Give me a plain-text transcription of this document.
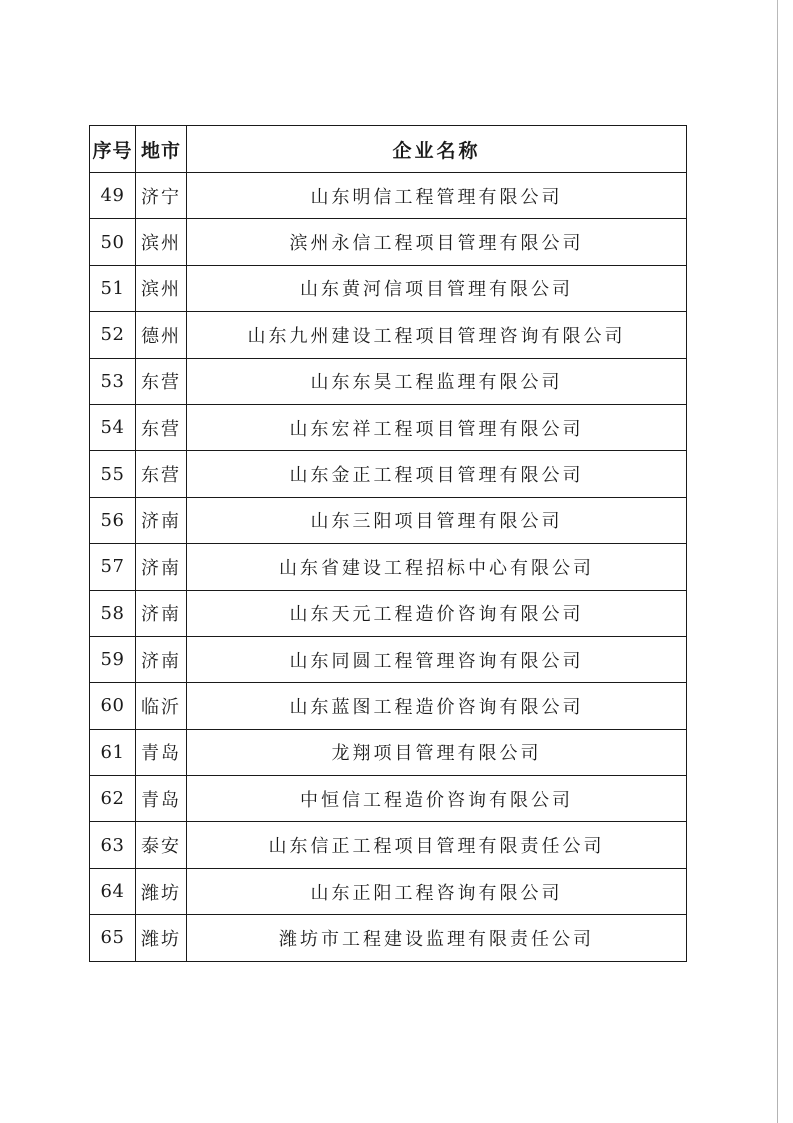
序号	地市	企业名称
49	济宁	山东明信工程管理有限公司
50	滨州	滨州永信工程项目管理有限公司
51	滨州	山东黄河信项目管理有限公司
52	德州	山东九州建设工程项目管理咨询有限公司
53	东营	山东东昊工程监理有限公司
54	东营	山东宏祥工程项目管理有限公司
55	东营	山东金正工程项目管理有限公司
56	济南	山东三阳项目管理有限公司
57	济南	山东省建设工程招标中心有限公司
58	济南	山东天元工程造价咨询有限公司
59	济南	山东同圆工程管理咨询有限公司
60	临沂	山东蓝图工程造价咨询有限公司
61	青岛	龙翔项目管理有限公司
62	青岛	中恒信工程造价咨询有限公司
63	泰安	山东信正工程项目管理有限责任公司
64	潍坊	山东正阳工程咨询有限公司
65	潍坊	潍坊市工程建设监理有限责任公司
